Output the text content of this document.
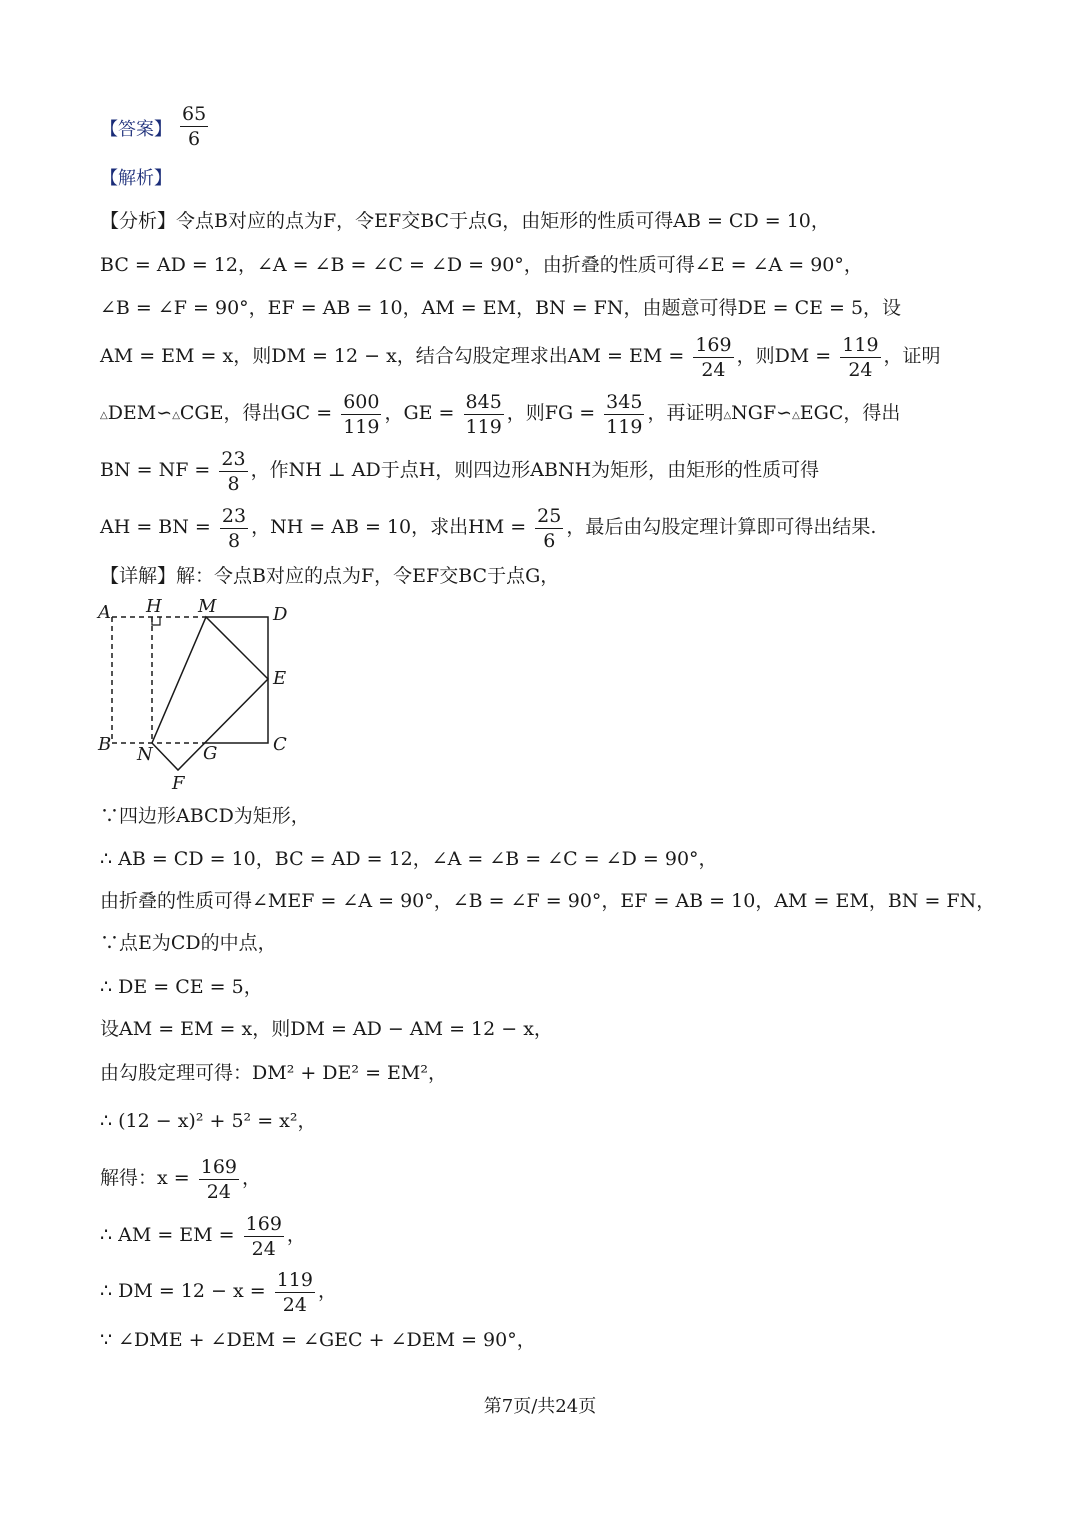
【答案】 $\frac{65}{6}$
【解析】
【分析】令点B对应的点为F，令EF交BC于点G，由矩形的性质可得AB = CD = 10，
BC = AD = 12，∠A = ∠B = ∠C = ∠D = 90°，由折叠的性质可得∠E = ∠A = 90°，
∠B = ∠F = 90°，EF = AB = 10，AM = EM，BN = FN，由题意可得DE = CE = 5，设
AM = EM = x，则DM = 12 − x，结合勾股定理求出AM = EM = $\frac{169}{24}$ ，则DM = $\frac{119}{24}$ ，证明
△DEM∽△CGE，得出GC = $\frac{600}{119}$ ，GE = $\frac{845}{119}$ ，则FG = $\frac{345}{119}$ ，再证明△NGF∽△EGC，得出
BN = NF = $\frac{23}{8}$ ，作NH ⊥ AD于点H，则四边形ABNH为矩形，由矩形的性质可得
AH = BN = $\frac{23}{8}$ ，NH = AB = 10，求出HM = $\frac{25}{6}$ ，最后由勾股定理计算即可得出结果.
【详解】解：令点B对应的点为F，令EF交BC于点G，
A H M	D
E
B N	G	C
F
∵四边形ABCD为矩形，
∴ AB = CD = 10，BC = AD = 12，∠A = ∠B = ∠C = ∠D = 90°，
由折叠的性质可得∠MEF = ∠A = 90°，∠B = ∠F = 90°，EF = AB = 10，AM = EM，BN = FN，
∵点E为CD的中点，
∴ DE = CE = 5，
设AM = EM = x，则DM = AD − AM = 12 − x，
由勾股定理可得：DM² + DE² = EM²，
∴ (12 − x)² + 5² = x²，
解得：$x = \frac{169}{24}$ ，
∴ AM = EM = $\frac{169}{24}$ ，
∴ DM = $12 - x = \frac{119}{24}$ ，
∵ ∠DME + ∠DEM = ∠GEC + ∠DEM = 90°，
第7页/共24页
